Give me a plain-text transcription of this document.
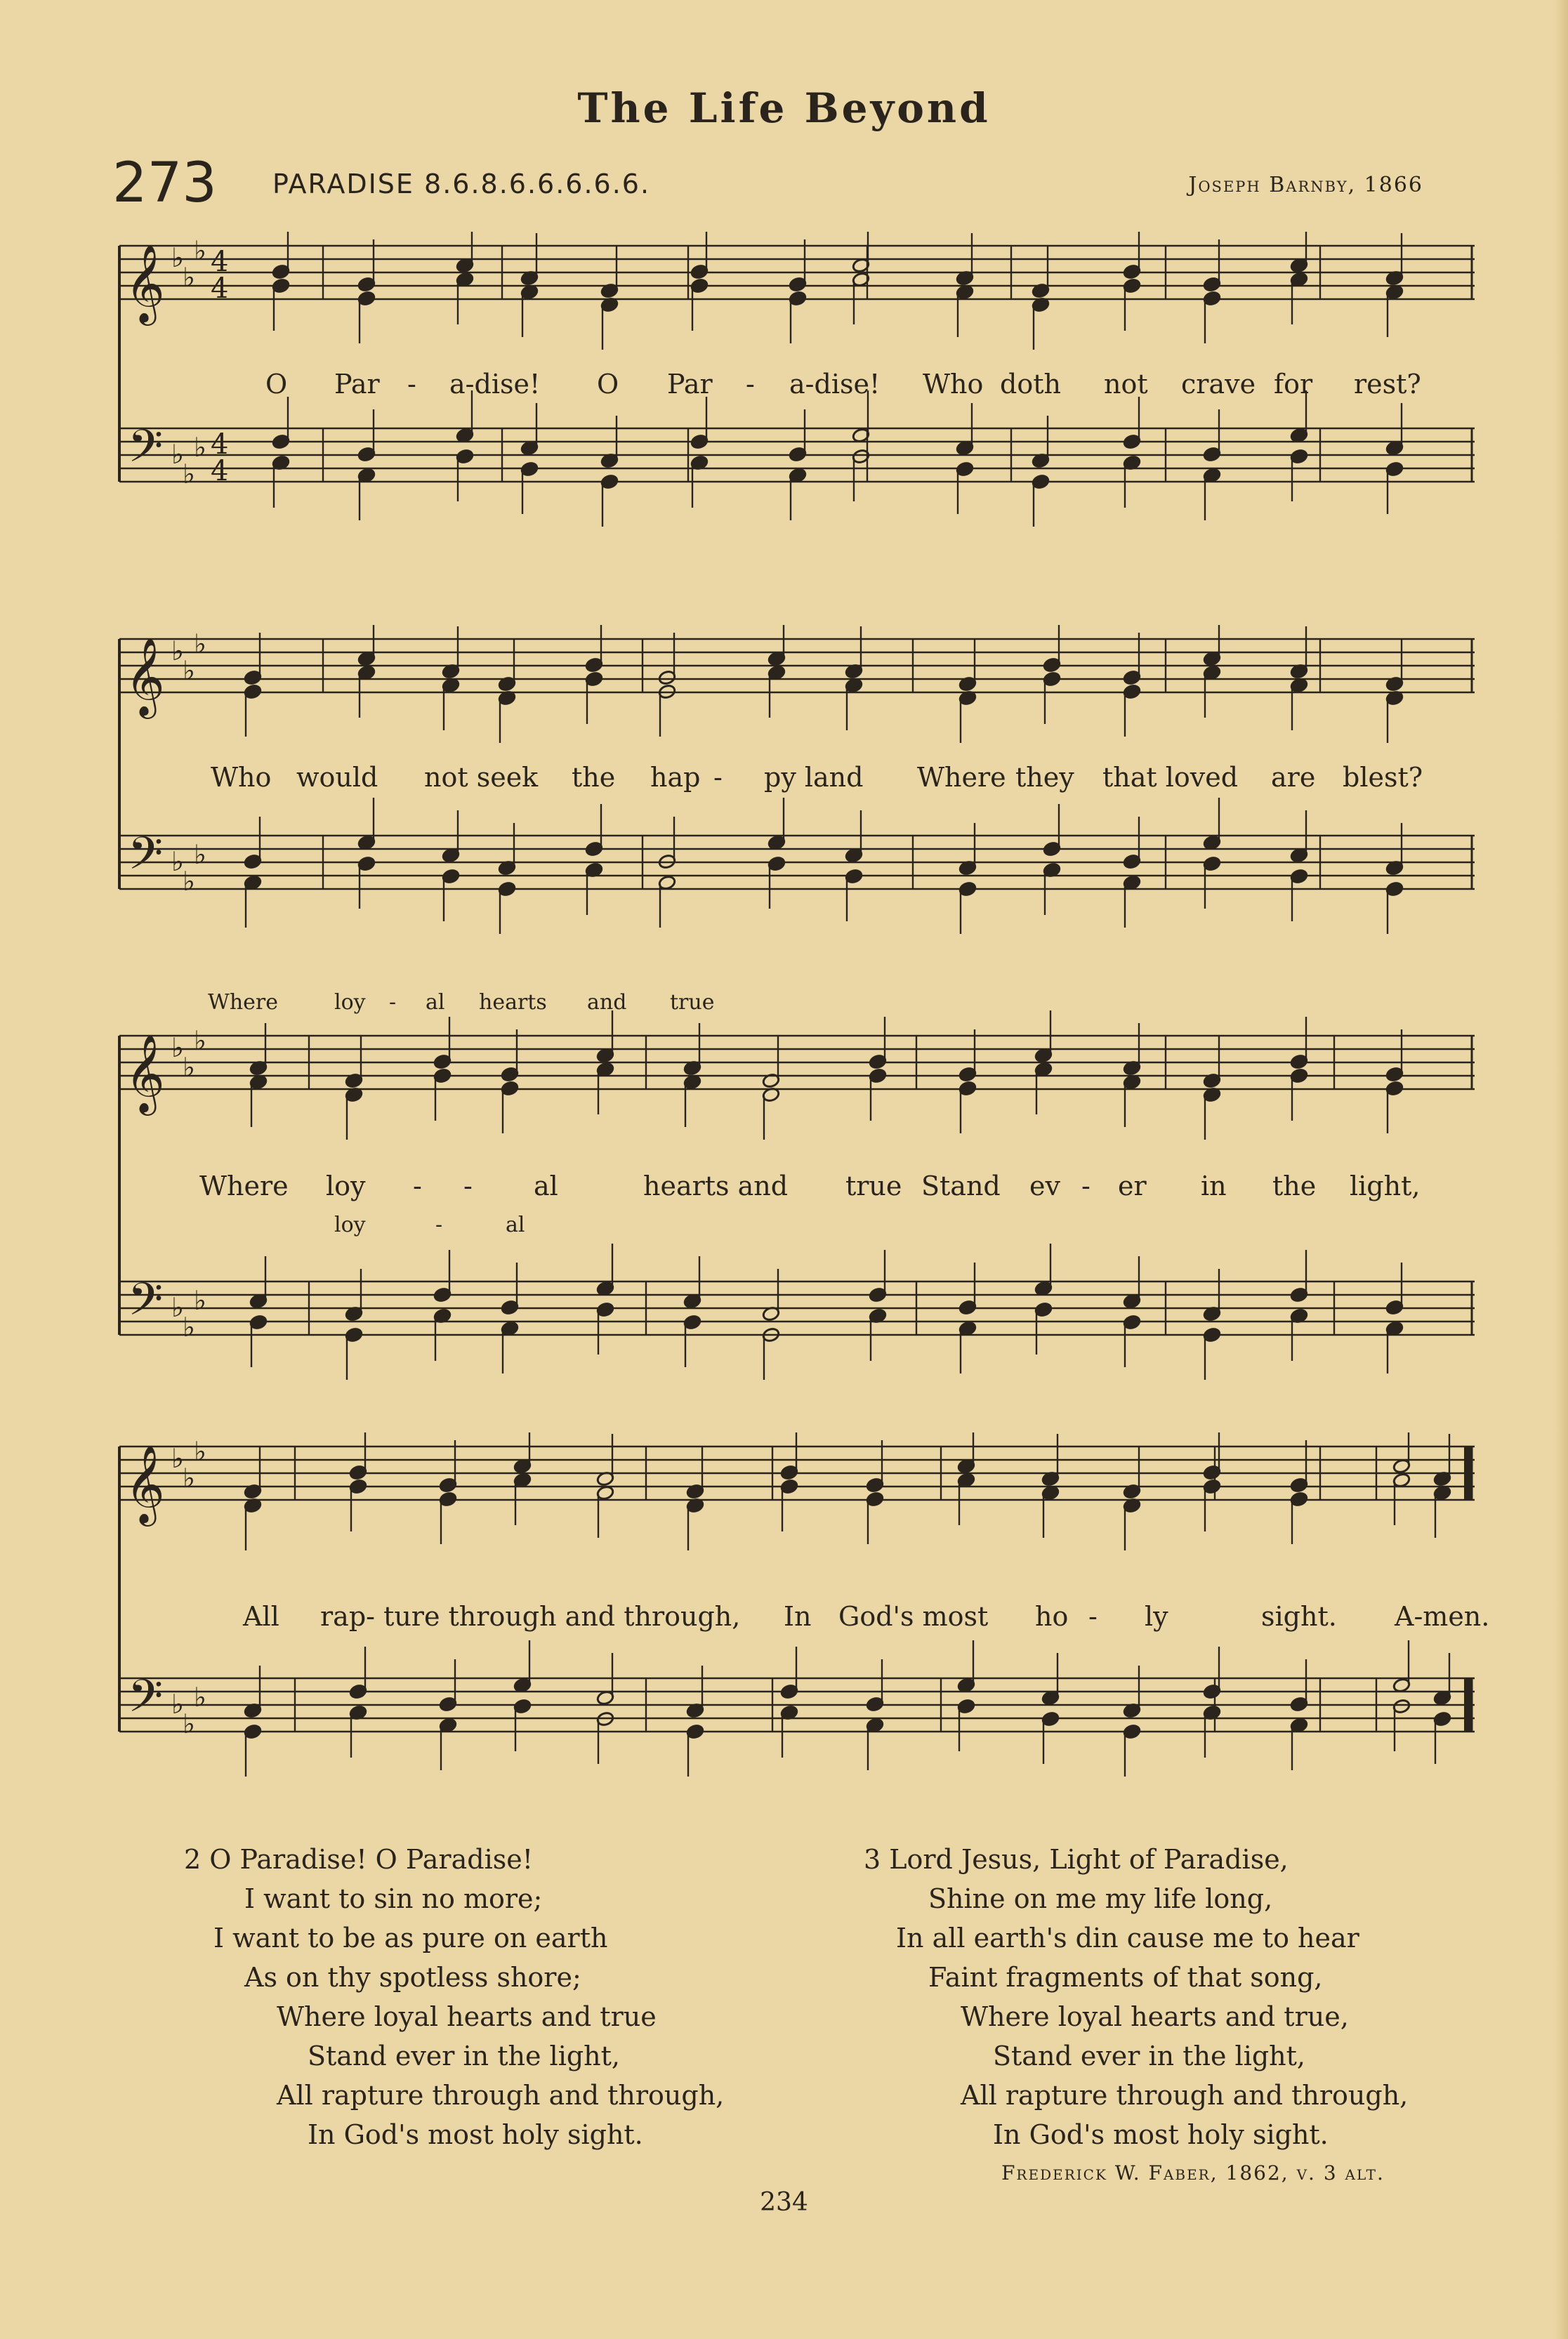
The Life Beyond
273 PARADISE 8.6.8.6.6.6.6.6.	Joseph Barnby, 1866
𝄞
𝄢
♭
♭
♭
♭
♭
♭
4
4
4
4
O Par - a-dise! O Par - a-dise! Who doth not crave for rest?
𝄞
𝄢
♭
♭
♭
♭
♭
♭
Who would not seek the hap - py land Where they that loved are blest?
𝄞
𝄢
♭
♭
♭
♭
♭
♭
Where	loy - al hearts and true
Where loy - - al	hearts and true Stand ev - er in the light,
loy	-	al
𝄞
𝄢
♭
♭
♭
♭
♭
♭
All rap- ture through and through, In God's most ho - ly	sight. A-men.
2 O Paradise! O Paradise!
I want to sin no more;
I want to be as pure on earth
As on thy spotless shore;
Where loyal hearts and true
Stand ever in the light,
All rapture through and through,
In God's most holy sight.
3 Lord Jesus, Light of Paradise,
Shine on me my life long,
In all earth's din cause me to hear
Faint fragments of that song,
Where loyal hearts and true,
Stand ever in the light,
All rapture through and through,
In God's most holy sight.
Frederick W. Faber, 1862, v. 3 alt.
234
